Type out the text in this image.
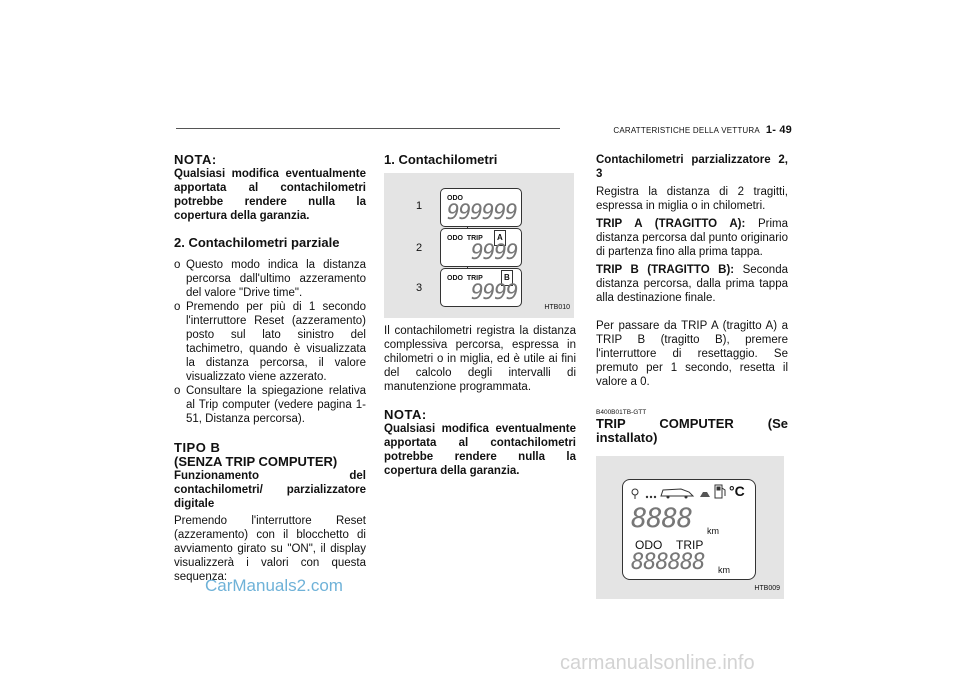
CARATTERISTICHE DELLA VETTURA 1- 49

NOTA:

Qualsiasi modifica eventualmente apportata al contachilometri potrebbe rendere nulla la copertura della garanzia.

2. Contachilometri parziale

o Questo modo indica la distanza percorsa dall'ultimo azzeramento del valore "Drive time".
o Premendo per più di 1 secondo l'interruttore Reset (azzeramento) posto sul lato sinistro del tachimetro, quando è visualizzata la distanza percorsa, il valore visualizzato viene azzerato.
o Consultare la spiegazione relativa al Trip computer (vedere pagina 1-51, Distanza percorsa).

TIPO B

(SENZA TRIP COMPUTER)

Funzionamento del contachilometri/ parzializzatore digitale

Premendo l'interruttore Reset (azzeramento) con il blocchetto di avviamento girato su "ON", il display visualizzerà i valori con questa sequenza:

1. Contachilometri

1
ODO
999999
2
ODO  TRIP	A
9999
3
ODO  TRIP	B
9999
HTB010

Il contachilometri registra la distanza complessiva percorsa, espressa in chilometri o in miglia, ed è utile ai fini del calcolo degli intervalli di manutenzione programmata.

NOTA:

Qualsiasi modifica eventualmente apportata al contachilometri potrebbe rendere nulla la copertura della garanzia.

Contachilometri parzializzatore 2, 3

Registra la distanza di 2 tragitti, espressa in miglia o in chilometri.

TRIP A (TRAGITTO A): Prima distanza percorsa dal punto originario di partenza fino alla prima tappa.

TRIP B (TRAGITTO B): Seconda distanza percorsa, dalla prima tappa alla destinazione finale.

Per passare da TRIP A (tragitto A) a TRIP B (tragitto B), premere l'interruttore di resettaggio. Se premuto per 1 secondo, resetta il valore a 0.

B400B01TB-GTT

TRIP COMPUTER (Se installato)

°C
8888 km
ODO TRIP
888888 km
HTB009
CarManuals2.com
carmanualsonline.info
